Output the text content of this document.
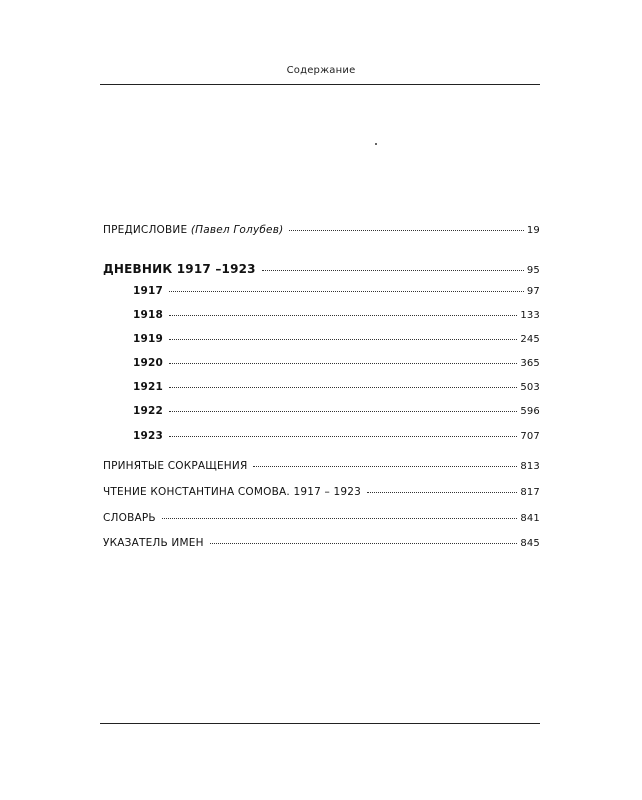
Содержание
ПРЕДИСЛОВИЕ (Павел Голубев)	19
ДНЕВНИК 1917 –1923	95
1917	97
1918	133
1919	245
1920	365
1921	503
1922	596
1923	707
ПРИНЯТЫЕ СОКРАЩЕНИЯ	813
ЧТЕНИЕ КОНСТАНТИНА СОМОВА. 1917 – 1923	817
СЛОВАРЬ	841
УКАЗАТЕЛЬ ИМЕН	845
